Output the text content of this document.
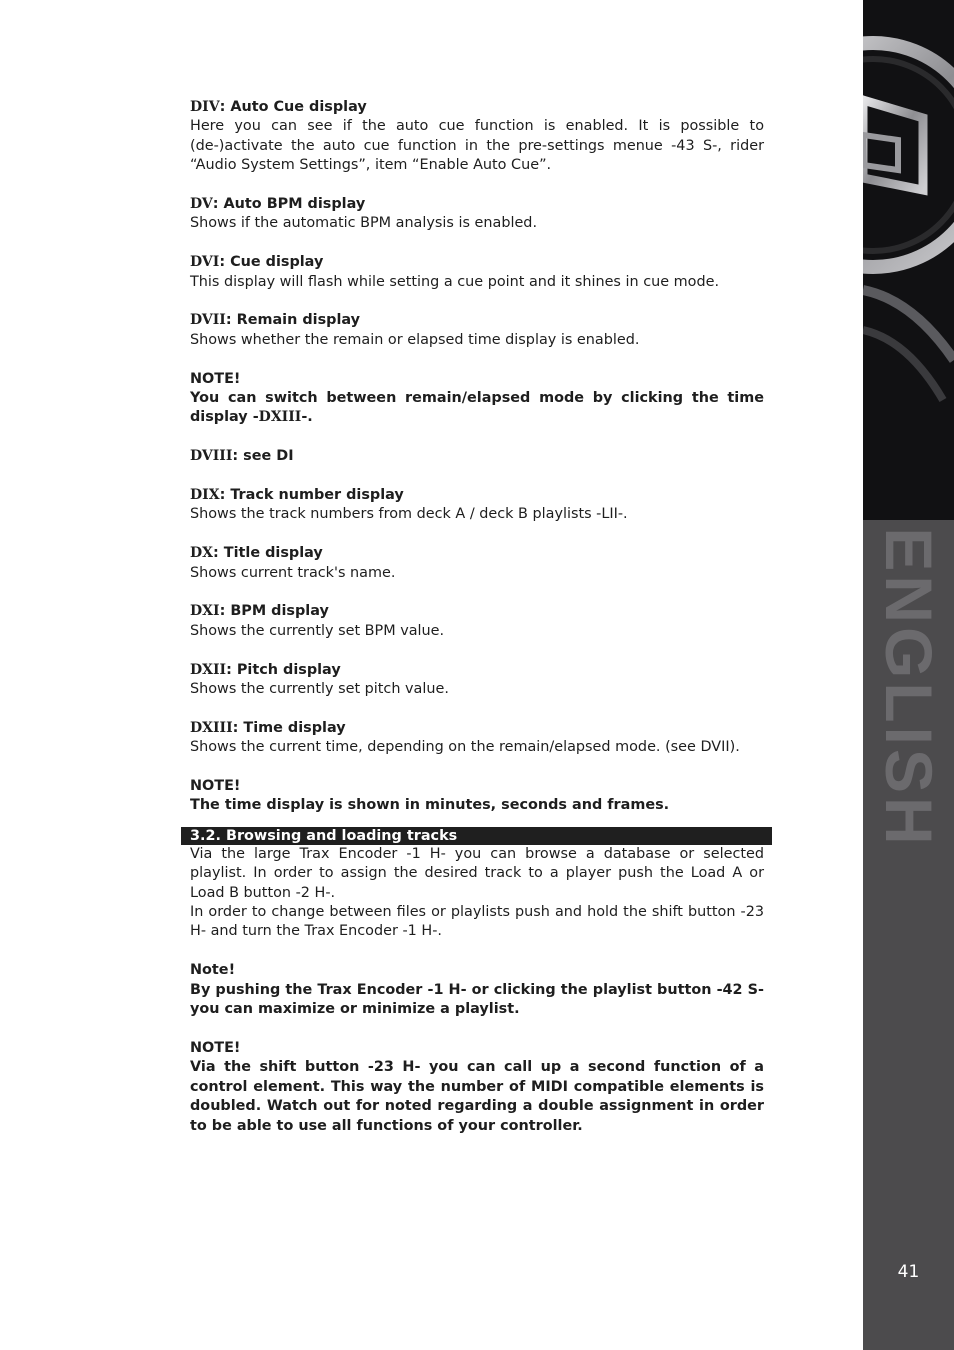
ENGLISH
41
DIV: Auto Cue display
Here you can see if the auto cue function is enabled. It is possible to (de-)activate the auto cue function in the pre-settings menue -43 S-, rider “Audio System Settings”, item “Enable Auto Cue”.
DV: Auto BPM display
Shows if the automatic BPM analysis is enabled.
DVI: Cue display
This display will flash while setting a cue point and it shines in cue mode.
DVII: Remain display
Shows whether the remain or elapsed time display is enabled.
NOTE!
You can switch between remain/elapsed mode by clicking the time display -DXIII-.
DVIII: see DI
DIX: Track number display
Shows the track numbers from deck A / deck B playlists -LII-.
DX: Title display
Shows current track's name.
DXI: BPM display
Shows the currently set BPM value.
DXII: Pitch display
Shows the currently set pitch value.
DXIII: Time display
Shows the current time, depending on the remain/elapsed mode. (see DVII).
NOTE!
The time display is shown in minutes, seconds and frames.
3.2. Browsing and loading tracks
Via the large Trax Encoder -1 H- you can browse a database or selected playlist. In order to assign the desired track to a player push the Load A or Load B button -2 H-.
In order to change between files or playlists push and hold the shift button -23 H- and turn the Trax Encoder -1 H-.
Note!
By pushing the Trax Encoder -1 H- or clicking the playlist button -42 S- you can maximize or minimize a playlist.
NOTE!
Via the shift button -23 H- you can call up a second function of a control element. This way the number of MIDI compatible elements is doubled. Watch out for noted regarding a double assignment in order to be able to use all functions of your controller.
